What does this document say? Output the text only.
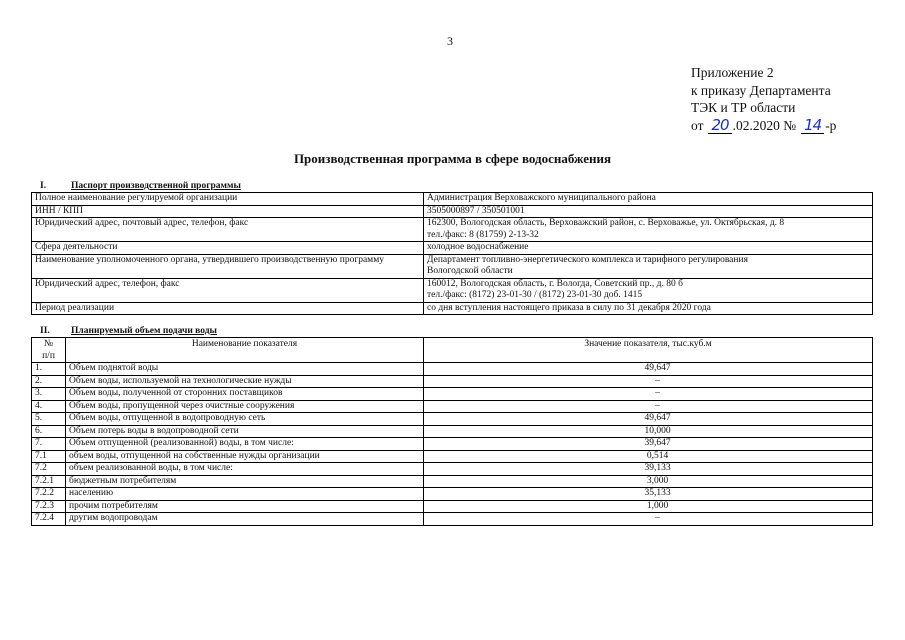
3
Приложение 2
к приказу Департамента
ТЭК и ТР области
от 20 .02.2020 № 14 -р
Производственная программа в сфере водоснабжения
I.	Паспорт производственной программы
Полное наименование регулируемой организации	Администрация Верховажского муниципального района

ИНН / КПП	3505000897 / 350501001

Юридический адрес, почтовый адрес, телефон, факс	162300, Вологодская область, Верховажский район, с. Верховажье, ул. Октябрьская, д. 8
тел./факс: 8 (81759) 2-13-32

Сфера деятельности	холодное водоснабжение

Наименование уполномоченного органа, утвердившего производственную программу	Департамент топливно-энергетического комплекса и тарифного регулирования
Вологодской области

Юридический адрес, телефон, факс	160012, Вологодская область, г. Вологда, Советский пр., д. 80 б
тел./факс: (8172) 23-01-30 / (8172) 23-01-30 доб. 1415

Период реализации	со дня вступления настоящего приказа в силу по 31 декабря 2020 года
II. Планируемый объем подачи воды
№
п/п	Наименование показателя	Значение показателя, тыс.куб.м
1.	Объем поднятой воды	49,647
2.	Объем воды, используемой на технологические нужды	–
3.	Объем воды, полученной от сторонних поставщиков	–
4.	Объем воды, пропущенной через очистные сооружения	–
5.	Объем воды, отпущенной в водопроводную сеть	49,647
6.	Объем потерь воды в водопроводной сети	10,000
7.	Объем отпущенной (реализованной) воды, в том числе:	39,647
7.1	объем воды, отпущенной на собственные нужды организации	0,514
7.2	объем реализованной воды, в том числе:	39,133
7.2.1	бюджетным потребителям	3,000
7.2.2	населению	35,133
7.2.3	прочим потребителям	1,000
7.2.4	другим водопроводам	–
